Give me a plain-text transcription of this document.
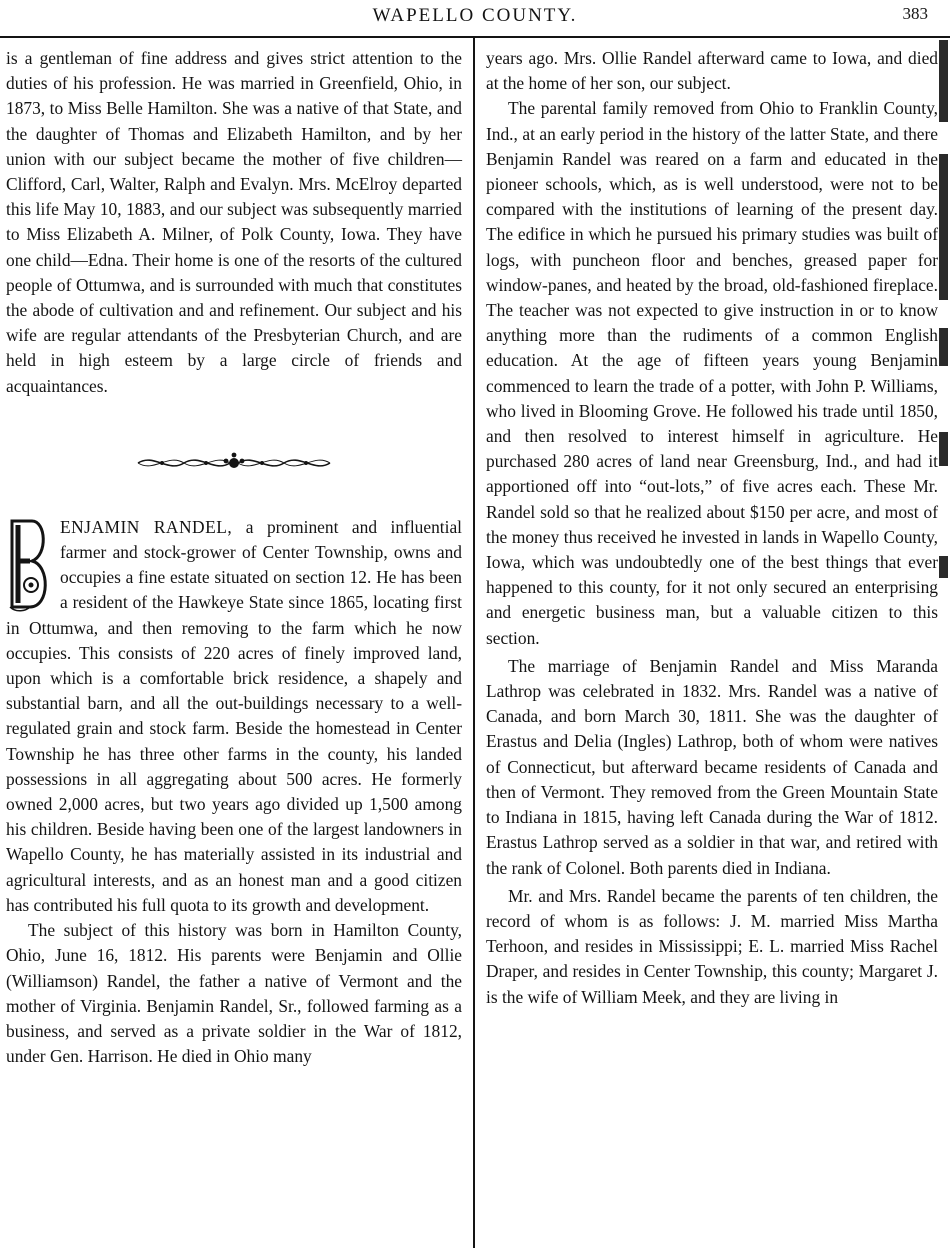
WAPELLO COUNTY.	383

is a gentleman of fine address and gives strict attention to the duties of his profession. He was married in Greenfield, Ohio, in 1873, to Miss Belle Hamilton. She was a native of that State, and the daughter of Thomas and Elizabeth Hamilton, and by her union with our subject became the mother of five children—Clifford, Carl, Walter, Ralph and Evalyn. Mrs. McElroy departed this life May 10, 1883, and our subject was subsequently married to Miss Elizabeth A. Milner, of Polk County, Iowa. They have one child—Edna. Their home is one of the resorts of the cultured people of Ottumwa, and is surrounded with much that constitutes the abode of cultivation and and refinement. Our subject and his wife are regular attendants of the Presbyterian Church, and are held in high esteem by a large circle of friends and acquaintances.

ENJAMIN RANDEL, a prominent and influential farmer and stock-grower of Center Township, owns and occupies a fine estate situated on section 12. He has been a resident of the Hawkeye State since 1865, locating first in Ottumwa, and then removing to the farm which he now occupies. This consists of 220 acres of finely improved land, upon which is a comfortable brick residence, a shapely and substantial barn, and all the out-buildings necessary to a well-regulated grain and stock farm. Beside the homestead in Center Township he has three other farms in the county, his landed possessions in all aggregating about 500 acres. He formerly owned 2,000 acres, but two years ago divided up 1,500 among his children. Beside having been one of the largest landowners in Wapello County, he has materially assisted in its industrial and agricultural interests, and as an honest man and a good citizen has contributed his full quota to its growth and development.

The subject of this history was born in Hamilton County, Ohio, June 16, 1812. His parents were Benjamin and Ollie (Williamson) Randel, the father a native of Vermont and the mother of Virginia. Benjamin Randel, Sr., followed farming as a business, and served as a private soldier in the War of 1812, under Gen. Harrison. He died in Ohio many

years ago. Mrs. Ollie Randel afterward came to Iowa, and died at the home of her son, our subject.

The parental family removed from Ohio to Franklin County, Ind., at an early period in the history of the latter State, and there Benjamin Randel was reared on a farm and educated in the pioneer schools, which, as is well understood, were not to be compared with the institutions of learning of the present day. The edifice in which he pursued his primary studies was built of logs, with puncheon floor and benches, greased paper for window-panes, and heated by the broad, old-fashioned fireplace. The teacher was not expected to give instruction in or to know anything more than the rudiments of a common English education. At the age of fifteen years young Benjamin commenced to learn the trade of a potter, with John P. Williams, who lived in Blooming Grove. He followed his trade until 1850, and then resolved to interest himself in agriculture. He purchased 280 acres of land near Greensburg, Ind., and had it apportioned off into “out-lots,” of five acres each. These Mr. Randel sold so that he realized about $150 per acre, and most of the money thus received he invested in lands in Wapello County, Iowa, which was undoubtedly one of the best things that ever happened to this county, for it not only secured an enterprising and energetic business man, but a valuable citizen to this section.

The marriage of Benjamin Randel and Miss Maranda Lathrop was celebrated in 1832. Mrs. Randel was a native of Canada, and born March 30, 1811. She was the daughter of Erastus and Delia (Ingles) Lathrop, both of whom were natives of Connecticut, but afterward became residents of Canada and then of Vermont. They removed from the Green Mountain State to Indiana in 1815, having left Canada during the War of 1812. Erastus Lathrop served as a soldier in that war, and retired with the rank of Colonel. Both parents died in Indiana.

Mr. and Mrs. Randel became the parents of ten children, the record of whom is as follows: J. M. married Miss Martha Terhoon, and resides in Mississippi; E. L. married Miss Rachel Draper, and resides in Center Township, this county; Margaret J. is the wife of William Meek, and they are living in
